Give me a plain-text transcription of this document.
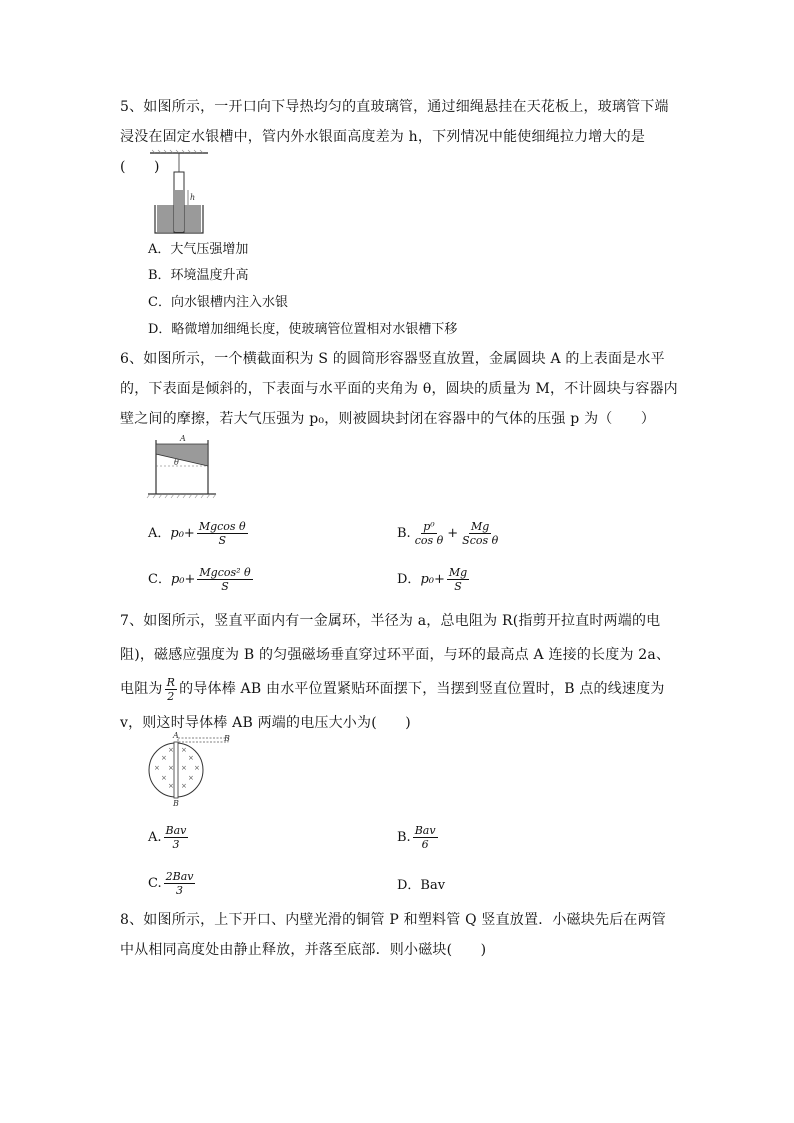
5、如图所示，一开口向下导热均匀的直玻璃管，通过细绳悬挂在天花板上，玻璃管下端浸没在固定水银槽中，管内外水银面高度差为 h，下列情况中能使细绳拉力增大的是(　　)
h
A．大气压强增加
B．环境温度升高
C．向水银槽内注入水银
D．略微增加细绳长度，使玻璃管位置相对水银槽下移
6、如图所示，一个横截面积为 S 的圆筒形容器竖直放置，金属圆块 A 的上表面是水平的，下表面是倾斜的，下表面与水平面的夹角为 θ，圆块的质量为 M，不计圆块与容器内壁之间的摩擦，若大气压强为 p₀，则被圆块封闭在容器中的气体的压强 p 为（　　）
A
θ
A． $p_0+ \frac{\text{Mgcos θ}}{S}$	B. $\frac{\text{p⁰}}{\text{cos θ}} + \frac{Mg}{\text{Scos θ}}$
C． $p_0+ \frac{\text{Mgcos² θ}}{S}$	D． $p_0+ \frac{Mg}{S}$
7、如图所示，竖直平面内有一金属环，半径为 a，总电阻为 R(指剪开拉直时两端的电阻)，磁感应强度为 B 的匀强磁场垂直穿过环平面，与环的最高点 A 连接的长度为 2a、电阻为 $\frac{R}{2}$ 的导体棒 AB 由水平位置紧贴环面摆下，当摆到竖直位置时，B 点的线速度为 v，则这时导体棒 AB 两端的电压大小为(　　)
A	B
B
×
×
×
×
×
×
×
×
×
×
×
×
A. $\frac{\text{Bav}}{3}$	B. $\frac{\text{Bav}}{6}$
C. $\frac{\text{2Bav}}{3}$	D．Bav
8、如图所示，上下开口、内壁光滑的铜管 P 和塑料管 Q 竖直放置．小磁块先后在两管中从相同高度处由静止释放，并落至底部．则小磁块(　　)
